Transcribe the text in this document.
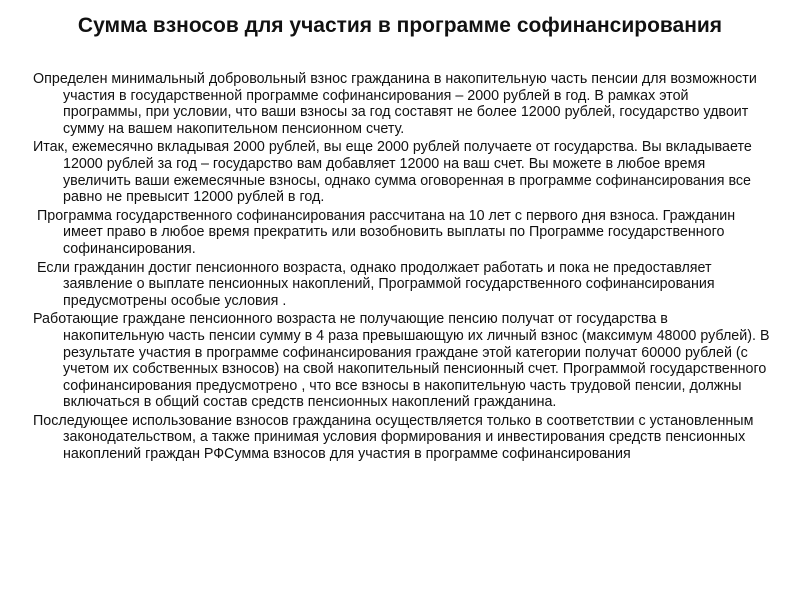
Сумма взносов для участия в программе софинансирования

Определен минимальный добровольный взнос гражданина в накопительную часть пенсии для возможности участия в государственной программе софинансирования – 2000 рублей в год. В рамках этой программы, при условии, что ваши взносы за год составят не более 12000 рублей, государство удвоит сумму на вашем накопительном пенсионном счету.

Итак, ежемесячно вкладывая 2000 рублей, вы еще 2000 рублей получаете от государства. Вы вкладываете 12000 рублей за год – государство вам добавляет 12000 на ваш счет. Вы можете в любое время увеличить ваши ежемесячные взносы, однако сумма оговоренная в программе софинансирования все равно не превысит 12000 рублей в год.

Программа государственного софинансирования рассчитана на 10 лет с первого дня взноса. Гражданин имеет право в любое время прекратить или возобновить выплаты по Программе государственного софинансирования.

Если гражданин достиг пенсионного возраста, однако продолжает работать и пока не предоставляет заявление о выплате пенсионных накоплений, Программой государственного софинансирования предусмотрены особые условия .

Работающие граждане пенсионного возраста не получающие пенсию получат от государства в накопительную часть пенсии сумму в 4 раза превышающую их личный взнос (максимум 48000 рублей). В результате участия в программе софинансирования граждане этой категории получат 60000 рублей (с учетом их собственных взносов) на свой накопительный пенсионный счет. Программой государственного софинансирования предусмотрено , что все взносы в накопительную часть трудовой пенсии, должны включаться в общий состав средств пенсионных накоплений гражданина.

Последующее использование взносов гражданина осуществляется только в соответствии с установленным законодательством, а также принимая условия формирования и инвестирования средств пенсионных накоплений граждан РФСумма взносов для участия в программе софинансирования
